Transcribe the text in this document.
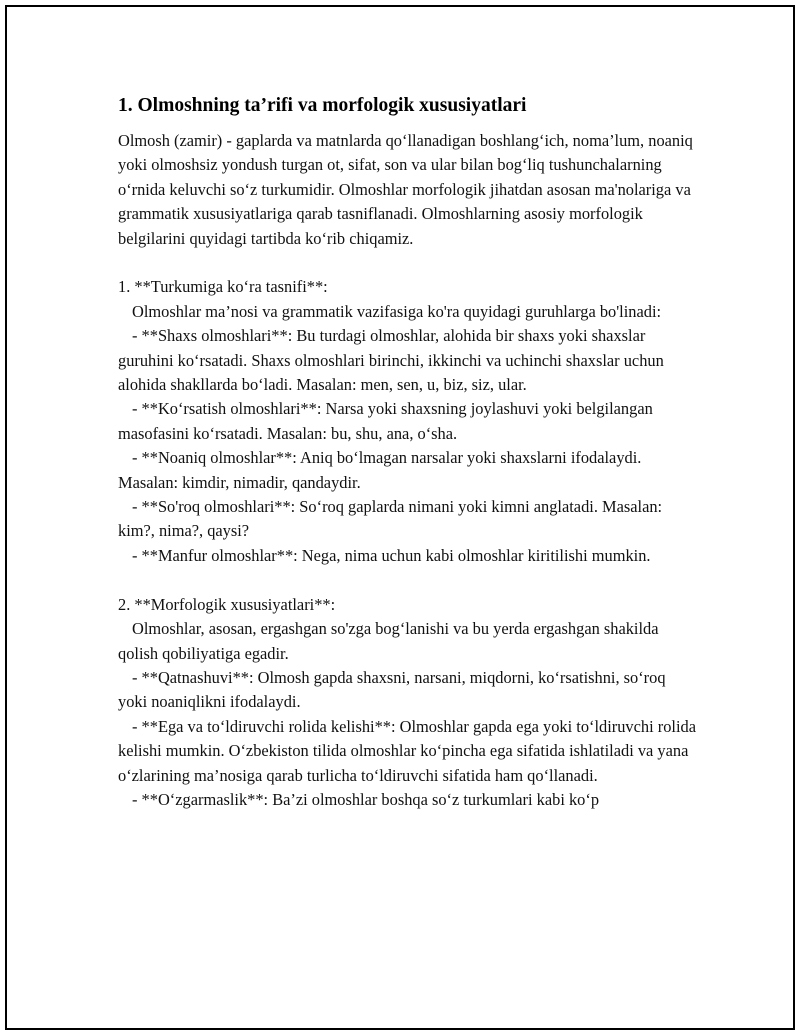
1. Olmoshning ta’rifi va morfologik xususiyatlari

Olmosh (zamir) - gaplarda va matnlarda qo‘llanadigan boshlang‘ich, noma’lum, noaniq yoki olmoshsiz yondush turgan ot, sifat, son va ular bilan bog‘liq tushunchalarning o‘rnida keluvchi so‘z turkumidir. Olmoshlar morfologik jihatdan asosan ma'nolariga va grammatik xususiyatlariga qarab tasniflanadi. Olmoshlarning asosiy morfologik belgilarini quyidagi tartibda ko‘rib chiqamiz.

1. **Turkumiga ko‘ra tasnifi**:

Olmoshlar ma’nosi va grammatik vazifasiga ko'ra quyidagi guruhlarga bo'linadi:

- **Shaxs olmoshlari**: Bu turdagi olmoshlar, alohida bir shaxs yoki shaxslar guruhini ko‘rsatadi. Shaxs olmoshlari birinchi, ikkinchi va uchinchi shaxslar uchun alohida shakllarda bo‘ladi. Masalan: men, sen, u, biz, siz, ular.

- **Ko‘rsatish olmoshlari**: Narsa yoki shaxsning joylashuvi yoki belgilangan masofasini ko‘rsatadi. Masalan: bu, shu, ana, o‘sha.

- **Noaniq olmoshlar**: Aniq bo‘lmagan narsalar yoki shaxslarni ifodalaydi. Masalan: kimdir, nimadir, qandaydir.

- **So'roq olmoshlari**: So‘roq gaplarda nimani yoki kimni anglatadi. Masalan: kim?, nima?, qaysi?

- **Manfur olmoshlar**: Nega, nima uchun kabi olmoshlar kiritilishi mumkin.

2. **Morfologik xususiyatlari**:

Olmoshlar, asosan, ergashgan so'zga bog‘lanishi va bu yerda ergashgan shakilda qolish qobiliyatiga egadir.

- **Qatnashuvi**: Olmosh gapda shaxsni, narsani, miqdorni, ko‘rsatishni, so‘roq yoki noaniqlikni ifodalaydi.

- **Ega va to‘ldiruvchi rolida kelishi**: Olmoshlar gapda ega yoki to‘ldiruvchi rolida kelishi mumkin. O‘zbekiston tilida olmoshlar ko‘pincha ega sifatida ishlatiladi va yana o‘zlarining ma’nosiga qarab turlicha to‘ldiruvchi sifatida ham qo‘llanadi.

- **O‘zgarmaslik**: Ba’zi olmoshlar boshqa so‘z turkumlari kabi ko‘p
